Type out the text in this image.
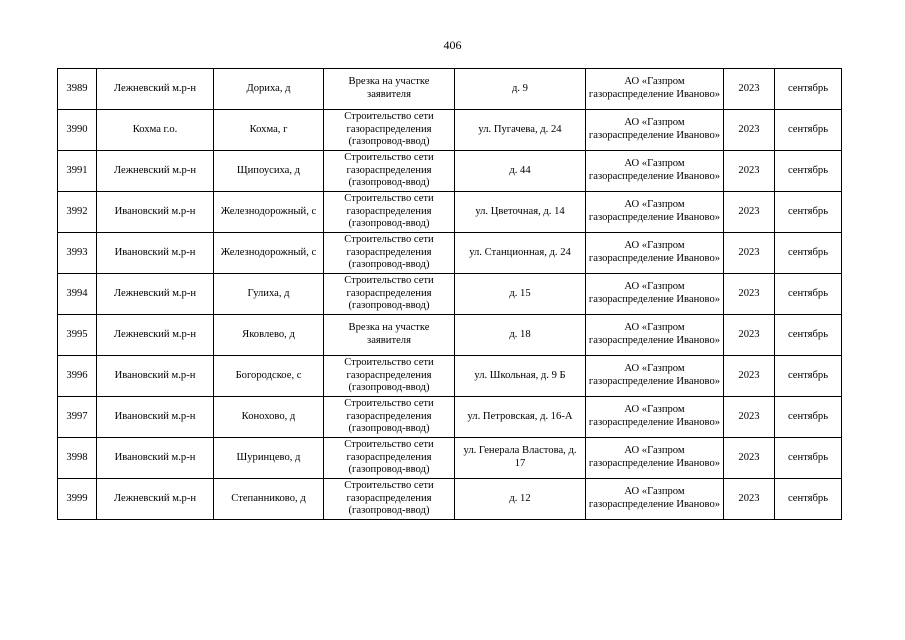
406
3989	Лежневский м.р-н	Дориха, д	Врезка на участке заявителя	д. 9	АО «Газпром газораспределение Иваново»	2023	сентябрь
3990	Кохма г.о.	Кохма, г	Строительство сети газораспределения (газопровод-ввод)	ул. Пугачева, д. 24	АО «Газпром газораспределение Иваново»	2023	сентябрь
3991	Лежневский м.р-н	Щипоусиха, д	Строительство сети газораспределения (газопровод-ввод)	д. 44	АО «Газпром газораспределение Иваново»	2023	сентябрь
3992	Ивановский м.р-н	Железнодорожный, с	Строительство сети газораспределения (газопровод-ввод)	ул. Цветочная, д. 14	АО «Газпром газораспределение Иваново»	2023	сентябрь
3993	Ивановский м.р-н	Железнодорожный, с	Строительство сети газораспределения (газопровод-ввод)	ул. Станционная, д. 24	АО «Газпром газораспределение Иваново»	2023	сентябрь
3994	Лежневский м.р-н	Гулиха, д	Строительство сети газораспределения (газопровод-ввод)	д. 15	АО «Газпром газораспределение Иваново»	2023	сентябрь
3995	Лежневский м.р-н	Яковлево, д	Врезка на участке заявителя	д. 18	АО «Газпром газораспределение Иваново»	2023	сентябрь
3996	Ивановский м.р-н	Богородское, с	Строительство сети газораспределения (газопровод-ввод)	ул. Школьная, д. 9 Б	АО «Газпром газораспределение Иваново»	2023	сентябрь
3997	Ивановский м.р-н	Конохово, д	Строительство сети газораспределения (газопровод-ввод)	ул. Петровская, д. 16-А	АО «Газпром газораспределение Иваново»	2023	сентябрь
3998	Ивановский м.р-н	Шуринцево, д	Строительство сети газораспределения (газопровод-ввод)	ул. Генерала Властова, д. 17	АО «Газпром газораспределение Иваново»	2023	сентябрь
3999	Лежневский м.р-н	Степанниково, д	Строительство сети газораспределения (газопровод-ввод)	д. 12	АО «Газпром газораспределение Иваново»	2023	сентябрь
